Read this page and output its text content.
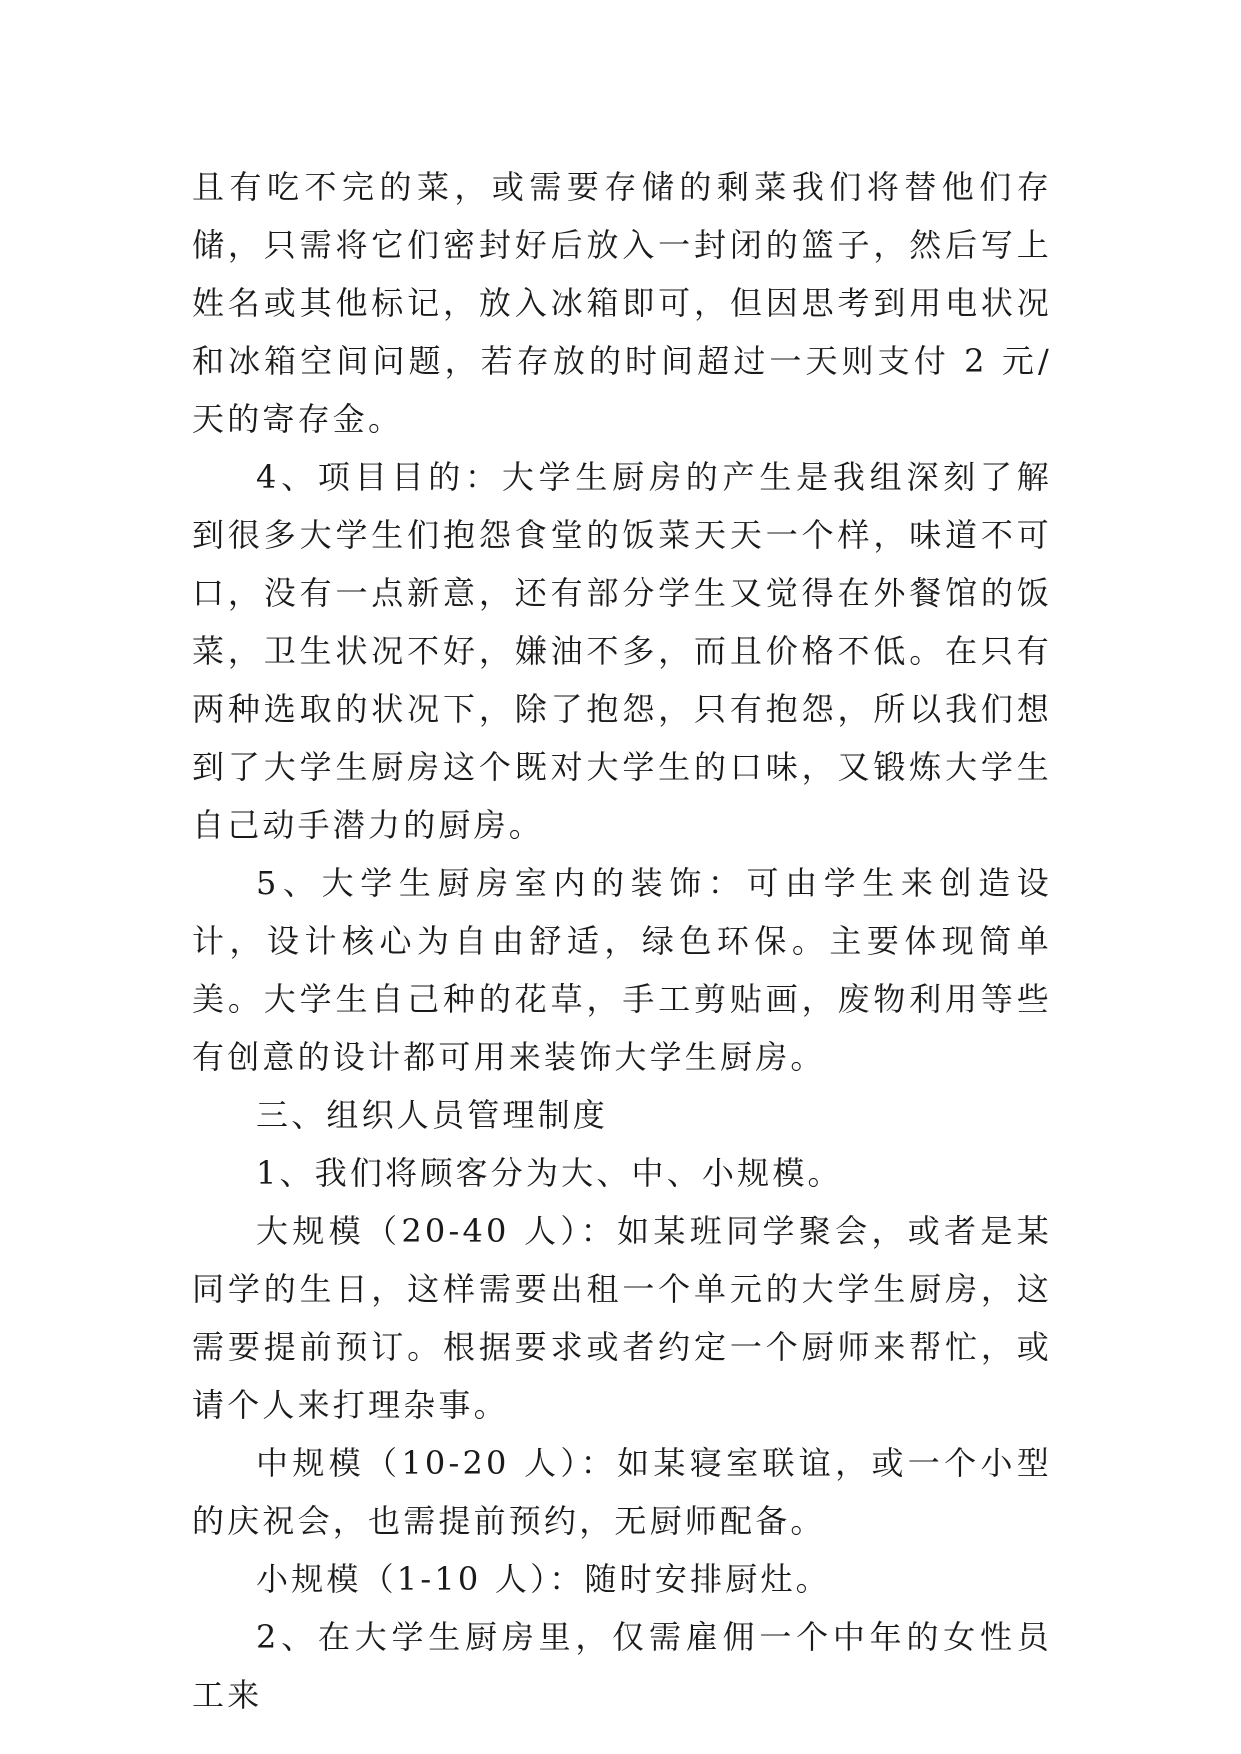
且有吃不完的菜，或需要存储的剩菜我们将替他们存储，只需将它们密封好后放入一封闭的篮子，然后写上姓名或其他标记，放入冰箱即可，但因思考到用电状况和冰箱空间问题，若存放的时间超过一天则支付 2 元/天的寄存金。

4、项目目的：大学生厨房的产生是我组深刻了解到很多大学生们抱怨食堂的饭菜天天一个样，味道不可口，没有一点新意，还有部分学生又觉得在外餐馆的饭菜，卫生状况不好，嫌油不多，而且价格不低。在只有两种选取的状况下，除了抱怨，只有抱怨，所以我们想到了大学生厨房这个既对大学生的口味，又锻炼大学生自己动手潜力的厨房。

5、大学生厨房室内的装饰：可由学生来创造设计，设计核心为自由舒适，绿色环保。主要体现简单美。大学生自己种的花草，手工剪贴画，废物利用等些有创意的设计都可用来装饰大学生厨房。

三、组织人员管理制度

1、我们将顾客分为大、中、小规模。

大规模（20-40 人）：如某班同学聚会，或者是某同学的生日，这样需要出租一个单元的大学生厨房，这需要提前预订。根据要求或者约定一个厨师来帮忙，或请个人来打理杂事。

中规模（10-20 人）：如某寝室联谊，或一个小型的庆祝会，也需提前预约，无厨师配备。

小规模（1-10 人）：随时安排厨灶。

2、在大学生厨房里，仅需雇佣一个中年的女性员工来
